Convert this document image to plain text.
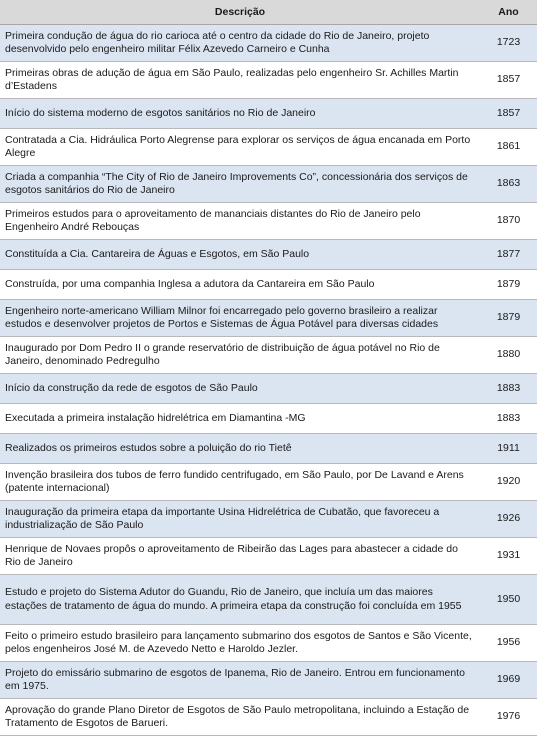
Descrição	Ano
Primeira condução de água do rio carioca até o centro da cidade do Rio de Janeiro, projeto desenvolvido pelo engenheiro militar Félix Azevedo Carneiro e Cunha	1723
Primeiras obras de adução de água em São Paulo, realizadas pelo engenheiro Sr. Achilles Martin d’Estadens	1857
Início do sistema moderno de esgotos sanitários no Rio de Janeiro	1857
Contratada a Cia. Hidráulica Porto Alegrense para explorar os serviços de água encanada em Porto Alegre	1861
Criada a companhia “The City of Rio de Janeiro Improvements Co”, concessionária dos serviços de esgotos sanitários do Rio de Janeiro	1863
Primeiros estudos para o aproveitamento de mananciais distantes do Rio de Janeiro pelo Engenheiro André Rebouças	1870
Constituída a Cia. Cantareira de Águas e Esgotos, em São Paulo	1877
Construída, por uma companhia Inglesa a adutora da Cantareira em São Paulo	1879
Engenheiro norte-americano William Milnor foi encarregado pelo governo brasileiro a realizar estudos e desenvolver projetos de Portos e Sistemas de Água Potável para diversas cidades	1879
Inaugurado por Dom Pedro II o grande reservatório de distribuição de água potável no Rio de Janeiro, denominado Pedregulho	1880
Início da construção da rede de esgotos de São Paulo	1883
Executada a primeira instalação hidrelétrica em Diamantina -MG	1883
Realizados os primeiros estudos sobre a poluição do rio Tietê	1911
Invenção brasileira dos tubos de ferro fundido centrifugado, em São Paulo, por De Lavand e Arens (patente internacional)	1920
Inauguração da primeira etapa da importante Usina Hidrelétrica de Cubatão, que favoreceu a industrialização de São Paulo	1926
Henrique de Novaes propôs o aproveitamento de Ribeirão das Lages para abastecer a cidade do Rio de Janeiro	1931
Estudo e projeto do Sistema Adutor do Guandu, Rio de Janeiro, que incluía um das maiores estações de tratamento de água do mundo. A primeira etapa da construção foi concluída em 1955	1950
Feito o primeiro estudo brasileiro para lançamento submarino dos esgotos de Santos e São Vicente, pelos engenheiros José M. de Azevedo Netto e Haroldo Jezler.	1956
Projeto do emissário submarino de esgotos de Ipanema, Rio de Janeiro. Entrou em funcionamento em 1975.	1969
Aprovação do grande Plano Diretor de Esgotos de São Paulo metropolitana, incluindo a Estação de Tratamento de Esgotos de Barueri.	1976
